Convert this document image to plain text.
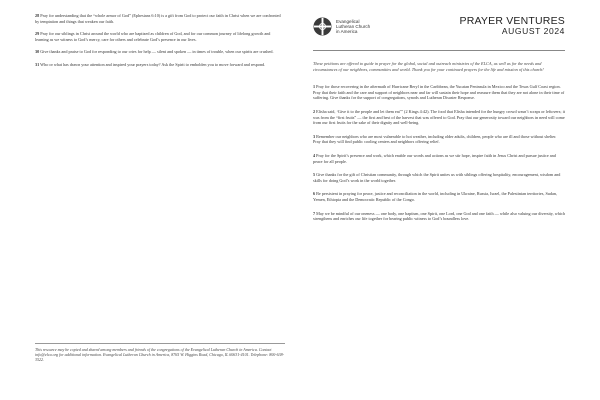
28 Pray for understanding that the “whole armor of God” (Ephesians 6:10) is a gift from God to protect our faith in Christ when we are confronted by temptation and things that weaken our faith.

29 Pray for our siblings in Christ around the world who are baptized as children of God, and for our common journey of lifelong growth and learning as we witness to God’s mercy, care for others and celebrate God’s presence in our lives.

30 Give thanks and praise to God for responding to our cries for help — silent and spoken — in times of trouble, when our spirits are crushed.

31 Who or what has drawn your attention and inspired your prayers today? Ask the Spirit to embolden you to move forward and respond.

This resource may be copied and shared among members and friends of the congregations of the Evangelical Lutheran Church in America. Contact info@elca.org for additional information. Evangelical Lutheran Church in America, 8765 W. Higgins Road, Chicago, IL 60631-4101. Telephone: 800-638-3522.
Evangelical
Lutheran Church
in America
PRAYER VENTURES
AUGUST 2024

These petitions are offered to guide in prayer for the global, social and outreach ministries of the ELCA, as well as for the needs and circumstances of our neighbors, communities and world. Thank you for your continued prayers for the life and mission of this church!

1 Pray for those recovering in the aftermath of Hurricane Beryl in the Caribbean, the Yucatan Peninsula in Mexico and the Texas Gulf Coast region. Pray that their faith and the care and support of neighbors near and far will sustain their hope and reassure them that they are not alone in their time of suffering. Give thanks for the support of congregations, synods and Lutheran Disaster Response.

2 Elisha said, ‘Give it to the people and let them eat’” (2 Kings 4:42). The food that Elisha intended for the hungry crowd wasn’t scraps or leftovers; it was from the “first fruits” — the first and best of the harvest that was offered to God. Pray that our generosity toward our neighbors in need will come from our first fruits for the sake of their dignity and well-being.

3 Remember our neighbors who are most vulnerable to hot weather, including older adults, children, people who are ill and those without shelter. Pray that they will find public cooling centers and neighbors offering relief.

4 Pray for the Spirit’s presence and work, which enable our words and actions as we stir hope, inspire faith in Jesus Christ and pursue justice and peace for all people.

5 Give thanks for the gift of Christian community, through which the Spirit unites us with siblings offering hospitality, encouragement, wisdom and skills for doing God’s work in the world together.

6 Be persistent in praying for peace, justice and reconciliation in the world, including in Ukraine, Russia, Israel, the Palestinian territories, Sudan, Yemen, Ethiopia and the Democratic Republic of the Congo.

7 May we be mindful of our oneness — one body, one baptism, one Spirit, one Lord, one God and one faith — while also valuing our diversity, which strengthens and enriches our life together for bearing public witness to God’s boundless love.
